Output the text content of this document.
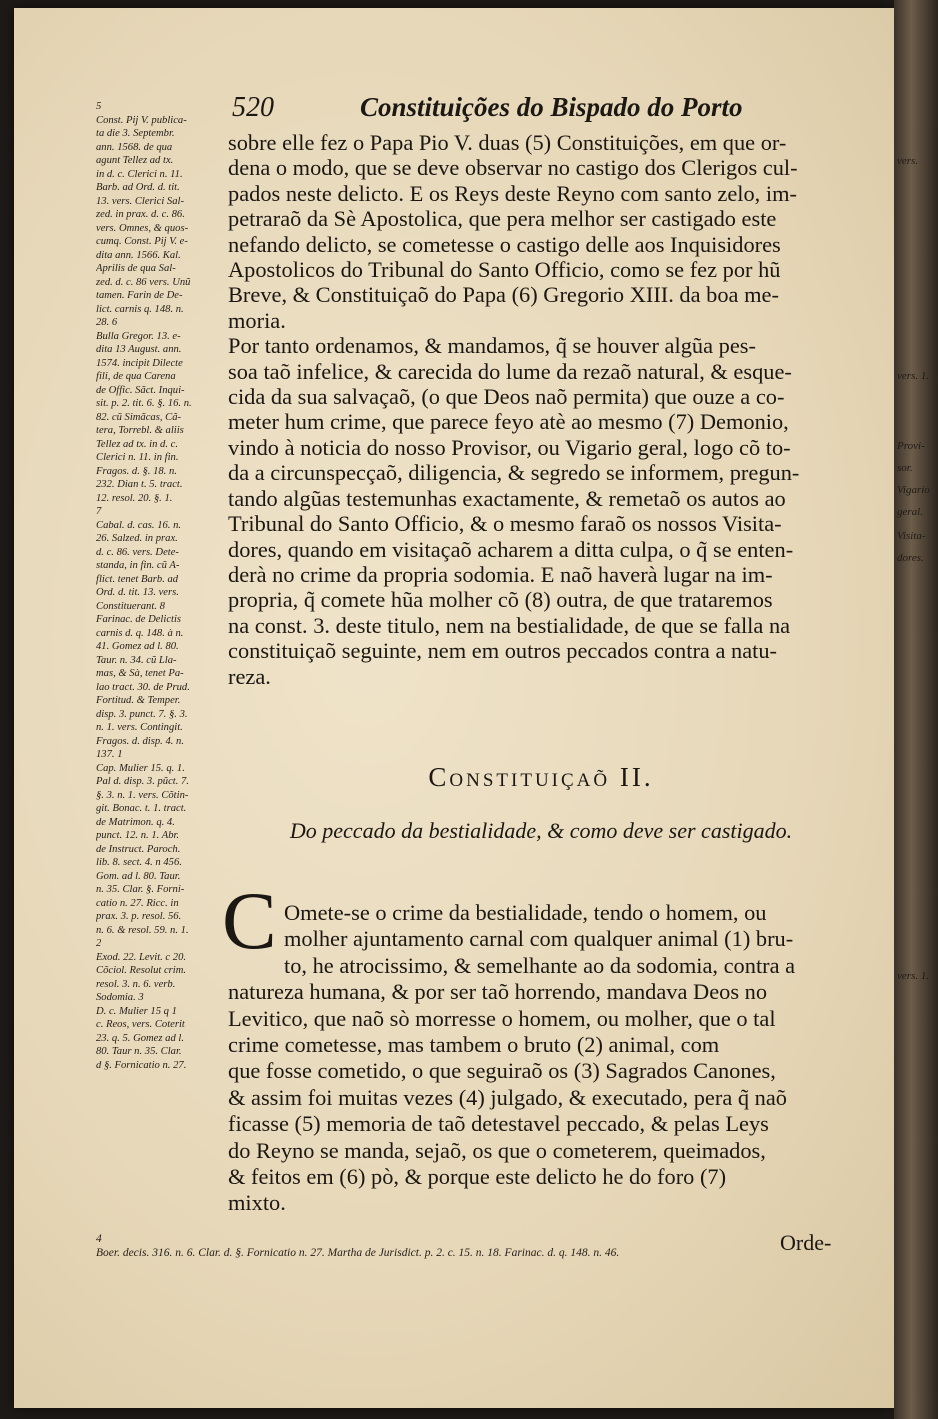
vers.
vers. 1.
Provi-
sor.
Vigario
geral.
Visita-
dores.
vers. 1.
520	Constituições do Bispado do Porto
5
Const. Pij V. publica-
ta die 3. Septembr.
ann. 1568. de qua
agunt Tellez ad tx.
in d. c. Clerici n. 11.
Barb. ad Ord. d. tit.
13. vers. Clerici Sal-
zed. in prax. d. c. 86.
vers. Omnes, & quos-
cumq. Const. Pij V. e-
dita ann. 1566. Kal.
Aprilis de qua Sal-
zed. d. c. 86 vers. Unũ
tamen. Farin de De-
lict. carnis q. 148. n.
28. 6
Bulla Gregor. 13. e-
dita 13 August. ann.
1574. incipit Dilecte
fili, de qua Carena
de Offic. Sãct. Inqui-
sit. p. 2. tit. 6. §. 16. n.
82. cũ Simãcas, Cã-
tera, Torrebl. & aliis
Tellez ad tx. in d. c.
Clerici n. 11. in fin.
Fragos. d. §. 18. n.
232. Dian t. 5. tract.
12. resol. 20. §. 1.
7
Cabal. d. cas. 16. n.
26. Salzed. in prax.
d. c. 86. vers. Dete-
standa, in fin. cũ A-
flict. tenet Barb. ad
Ord. d. tit. 13. vers.
Constituerant. 8
Farinac. de Delictis
carnis d. q. 148. à n.
41. Gomez ad l. 80.
Taur. n. 34. cũ Lla-
mas, & Sà, tenet Pa-
lao tract. 30. de Prud.
Fortitud. & Temper.
disp. 3. punct. 7. §. 3.
n. 1. vers. Contingit.
Fragos. d. disp. 4. n.
137. 1
Cap. Mulier 15. q. 1.
Pal d. disp. 3. pũct. 7.
§. 3. n. 1. vers. Cõtin-
git. Bonac. t. 1. tract.
de Matrimon. q. 4.
punct. 12. n. 1. Abr.
de Instruct. Paroch.
lib. 8. sect. 4. n 456.
Gom. ad l. 80. Taur.
n. 35. Clar. §. Forni-
catio n. 27. Ricc. in
prax. 3. p. resol. 56.
n. 6. & resol. 59. n. 1.
2
Exod. 22. Levit. c 20.
Cõciol. Resolut crim.
resol. 3. n. 6. verb.
Sodomia. 3
D. c. Mulier 15 q 1
c. Reos, vers. Coterit
23. q. 5. Gomez ad l.
80. Taur n. 35. Clar.
d §. Fornicatio n. 27.
sobre elle fez o Papa Pio V. duas (5) Constituições, em que or-
dena o modo, que se deve observar no castigo dos Clerigos cul-
pados neste delicto. E os Reys deste Reyno com santo zelo, im-
petraraõ da Sè Apostolica, que pera melhor ser castigado este
nefando delicto, se cometesse o castigo delle aos Inquisidores
Apostolicos do Tribunal do Santo Officio, como se fez por hũ
Breve, & Constituiçaõ do Papa (6) Gregorio XIII. da boa me-
moria.
Por tanto ordenamos, & mandamos, q̃ se houver algũa pes-
soa taõ infelice, & carecida do lume da rezaõ natural, & esque-
cida da sua salvaçaõ, (o que Deos naõ permita) que ouze a co-
meter hum crime, que parece feyo atè ao mesmo (7) Demonio,
vindo à noticia do nosso Provisor, ou Vigario geral, logo cõ to-
da a circunspecçaõ, diligencia, & segredo se informem, pregun-
tando algũas testemunhas exactamente, & remetaõ os autos ao
Tribunal do Santo Officio, & o mesmo faraõ os nossos Visita-
dores, quando em visitaçaõ acharem a ditta culpa, o q̃ se enten-
derà no crime da propria sodomia. E naõ haverà lugar na im-
propria, q̃ comete hũa molher cõ (8) outra, de que trataremos
na const. 3. deste titulo, nem na bestialidade, de que se falla na
constituiçaõ seguinte, nem em outros peccados contra a natu-
reza.
Constituiçaõ II.
Do peccado da bestialidade, & como deve ser castigado.
C Omete-se o crime da bestialidade, tendo o homem, ou
molher ajuntamento carnal com qualquer animal (1) bru-
to, he atrocissimo, & semelhante ao da sodomia, contra a
natureza humana, & por ser taõ horrendo, mandava Deos no
Levitico, que naõ sò morresse o homem, ou molher, que o tal
crime cometesse, mas tambem o bruto (2) animal, com
que fosse cometido, o que seguiraõ os (3) Sagrados Canones,
& assim foi muitas vezes (4) julgado, & executado, pera q̃ naõ
ficasse (5) memoria de taõ detestavel peccado, & pelas Leys
do Reyno se manda, sejaõ, os que o cometerem, queimados,
& feitos em (6) pò, & porque este delicto he do foro (7)
mixto.
Orde-
4
Boer. decis. 316. n. 6. Clar. d. §. Fornicatio n. 27. Martha de Jurisdict. p. 2. c. 15. n. 18. Farinac. d. q. 148. n. 46.
